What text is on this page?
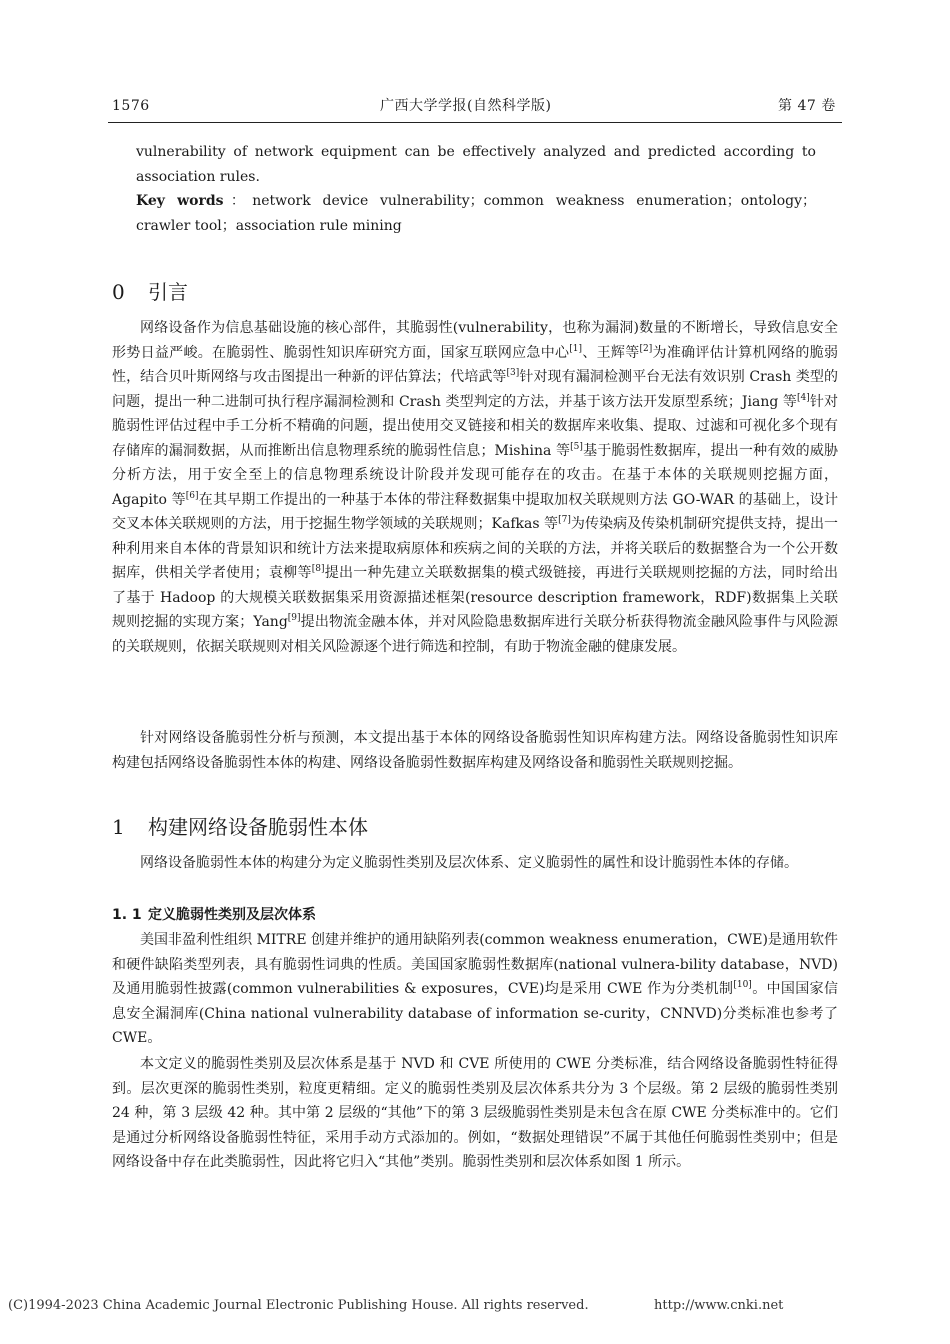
1576	广西大学学报(自然科学版)	第 47 卷

vulnerability of network equipment can be effectively analyzed and predicted according to association rules.

Key words：network device vulnerability；common weakness enumeration；ontology；crawler tool；association rule mining

0 引言

网络设备作为信息基础设施的核心部件，其脆弱性(vulnerability，也称为漏洞)数量的不断增长，导致信息安全形势日益严峻。在脆弱性、脆弱性知识库研究方面，国家互联网应急中心[1]、王辉等[2]为准确评估计算机网络的脆弱性，结合贝叶斯网络与攻击图提出一种新的评估算法；代培武等[3]针对现有漏洞检测平台无法有效识别 Crash 类型的问题，提出一种二进制可执行程序漏洞检测和 Crash 类型判定的方法，并基于该方法开发原型系统；Jiang 等[4]针对脆弱性评估过程中手工分析不精确的问题，提出使用交叉链接和相关的数据库来收集、提取、过滤和可视化多个现有存储库的漏洞数据，从而推断出信息物理系统的脆弱性信息；Mishina 等[5]基于脆弱性数据库，提出一种有效的威胁分析方法，用于安全至上的信息物理系统设计阶段并发现可能存在的攻击。在基于本体的关联规则挖掘方面，Agapito 等[6]在其早期工作提出的一种基于本体的带注释数据集中提取加权关联规则方法 GO-WAR 的基础上，设计交叉本体关联规则的方法，用于挖掘生物学领域的关联规则；Kafkas 等[7]为传染病及传染机制研究提供支持，提出一种利用来自本体的背景知识和统计方法来提取病原体和疾病之间的关联的方法，并将关联后的数据整合为一个公开数据库，供相关学者使用；袁柳等[8]提出一种先建立关联数据集的模式级链接，再进行关联规则挖掘的方法，同时给出了基于 Hadoop 的大规模关联数据集采用资源描述框架(resource description framework，RDF)数据集上关联规则挖掘的实现方案；Yang[9]提出物流金融本体，并对风险隐患数据库进行关联分析获得物流金融风险事件与风险源的关联规则，依据关联规则对相关风险源逐个进行筛选和控制，有助于物流金融的健康发展。

针对网络设备脆弱性分析与预测，本文提出基于本体的网络设备脆弱性知识库构建方法。网络设备脆弱性知识库构建包括网络设备脆弱性本体的构建、网络设备脆弱性数据库构建及网络设备和脆弱性关联规则挖掘。

1 构建网络设备脆弱性本体

网络设备脆弱性本体的构建分为定义脆弱性类别及层次体系、定义脆弱性的属性和设计脆弱性本体的存储。

1. 1 定义脆弱性类别及层次体系

美国非盈利性组织 MITRE 创建并维护的通用缺陷列表(common weakness enumeration，CWE)是通用软件和硬件缺陷类型列表，具有脆弱性词典的性质。美国国家脆弱性数据库(national vulnera-bility database，NVD)及通用脆弱性披露(common vulnerabilities & exposures，CVE)均是采用 CWE 作为分类机制[10]。中国国家信息安全漏洞库(China national vulnerability database of information se-curity，CNNVD)分类标准也参考了 CWE。

本文定义的脆弱性类别及层次体系是基于 NVD 和 CVE 所使用的 CWE 分类标准，结合网络设备脆弱性特征得到。层次更深的脆弱性类别，粒度更精细。定义的脆弱性类别及层次体系共分为 3 个层级。第 2 层级的脆弱性类别 24 种，第 3 层级 42 种。其中第 2 层级的“其他”下的第 3 层级脆弱性类别是未包含在原 CWE 分类标准中的。它们是通过分析网络设备脆弱性特征，采用手动方式添加的。例如，“数据处理错误”不属于其他任何脆弱性类别中；但是网络设备中存在此类脆弱性，因此将它归入“其他”类别。脆弱性类别和层次体系如图 1 所示。

(C)1994-2023 China Academic Journal Electronic Publishing House. All rights reserved.	http://www.cnki.net
